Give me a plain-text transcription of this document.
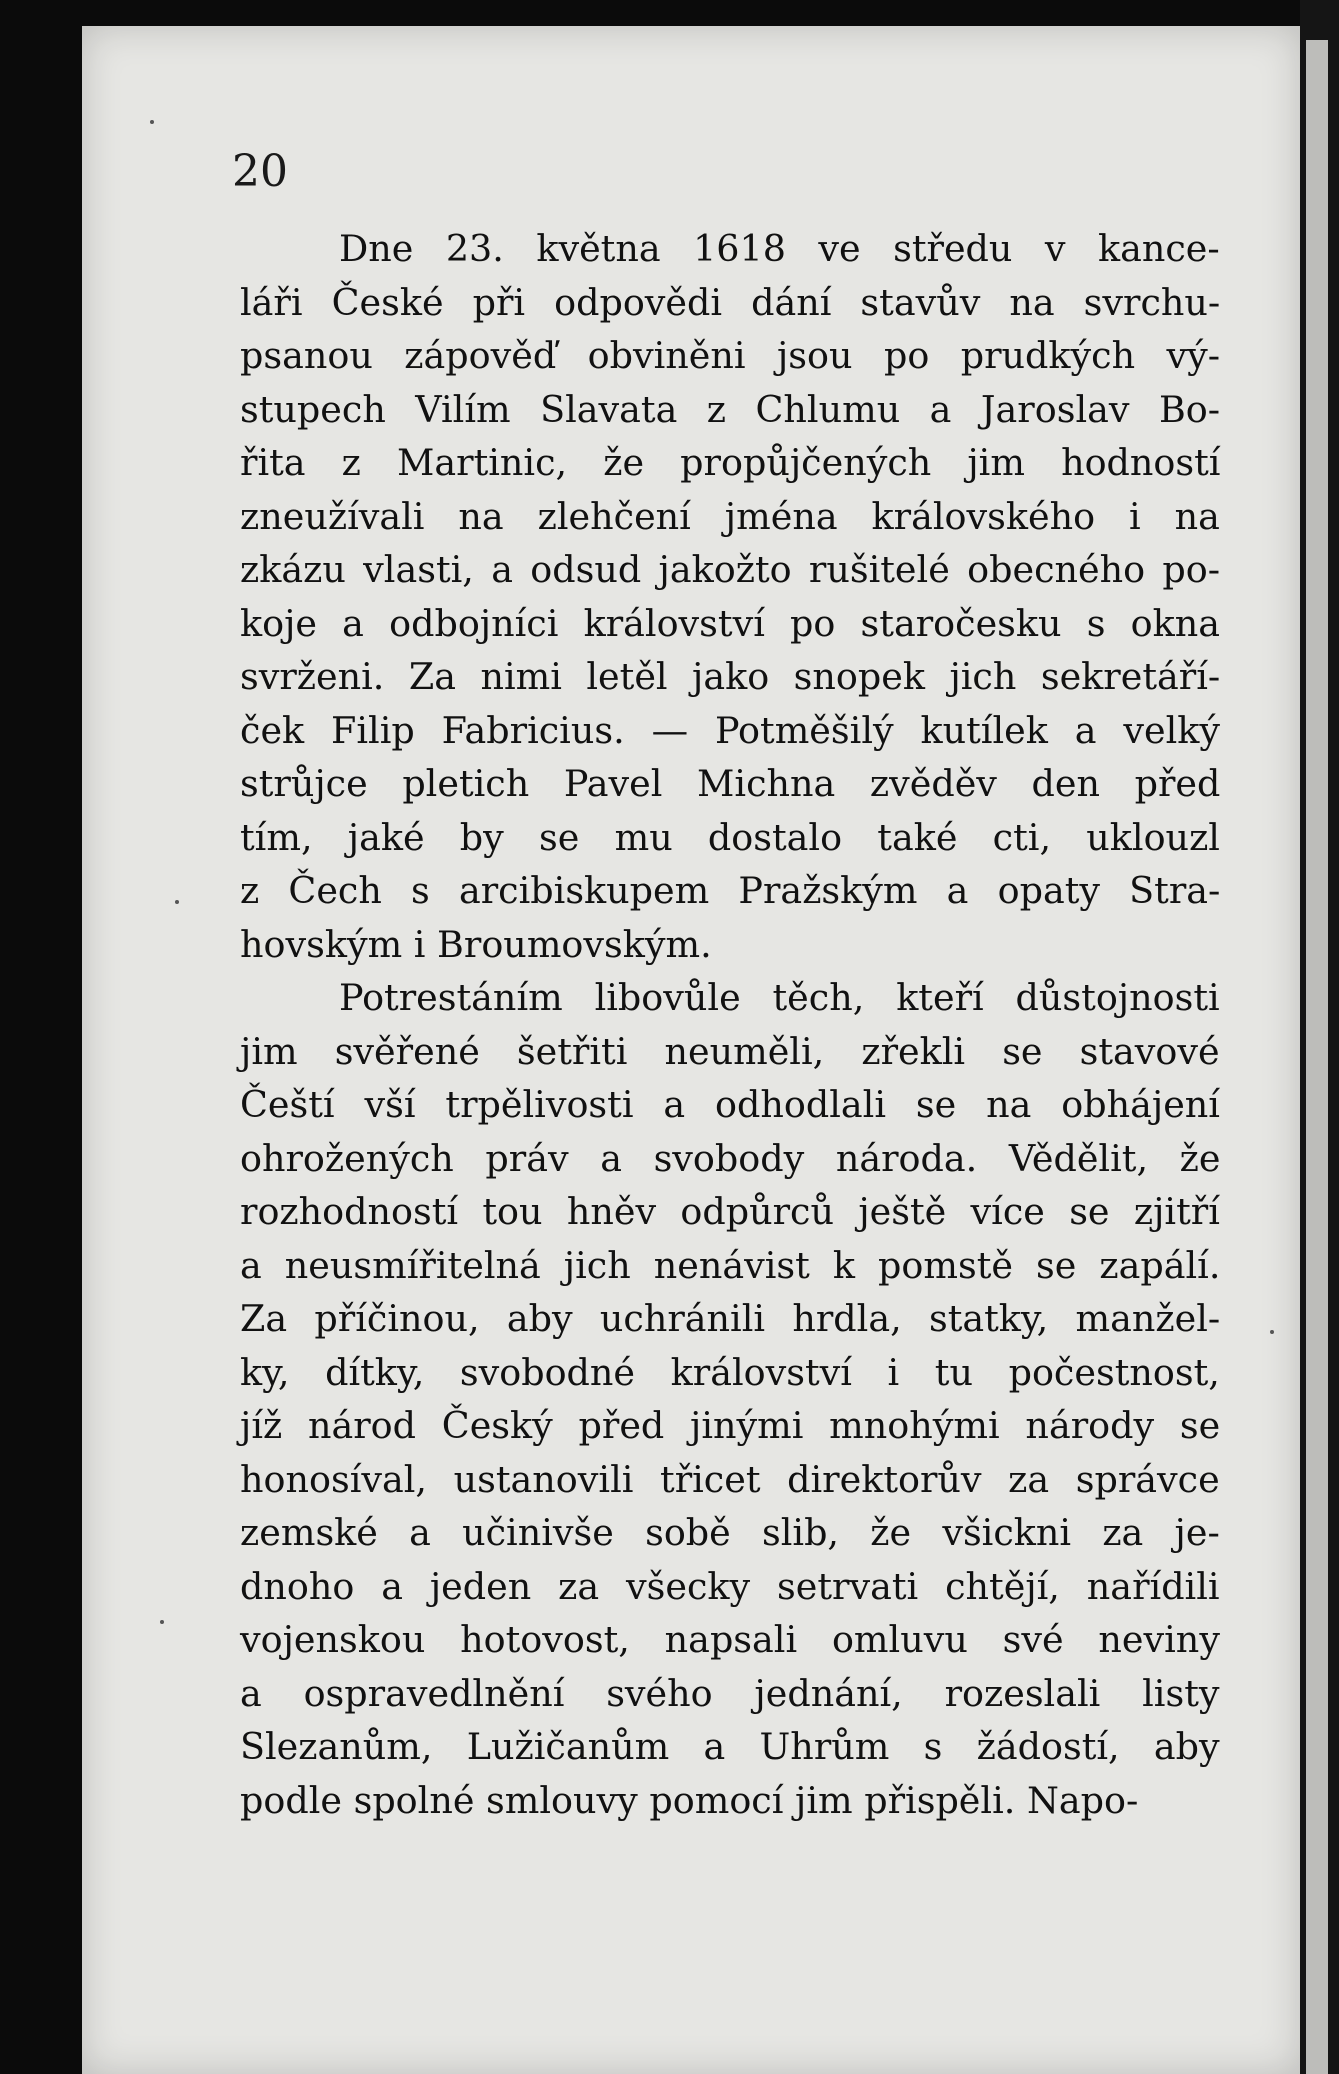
20
Dne 23. května 1618 ve středu v kance-
láři České při odpovědi dání stavův na svrchu-
psanou zápověď obviněni jsou po prudkých vý-
stupech Vilím Slavata z Chlumu a Jaroslav Bo-
řita z Martinic, že propůjčených jim hodností
zneužívali na zlehčení jména královského i na
zkázu vlasti, a odsud jakožto rušitelé obecného po-
koje a odbojníci království po staročesku s okna
svrženi. Za nimi letěl jako snopek jich sekretáří-
ček Filip Fabricius. — Potměšilý kutílek a velký
strůjce pletich Pavel Michna zvěděv den před
tím, jaké by se mu dostalo také cti, uklouzl
z Čech s arcibiskupem Pražským a opaty Stra-
hovským i Broumovským.
Potrestáním libovůle těch, kteří důstojnosti
jim svěřené šetřiti neuměli, zřekli se stavové
Čeští vší trpělivosti a odhodlali se na obhájení
ohrožených práv a svobody národa. Vědělit, že
rozhodností tou hněv odpůrců ještě více se zjitří
a neusmířitelná jich nenávist k pomstě se zapálí.
Za příčinou, aby uchránili hrdla, statky, manžel-
ky, dítky, svobodné království i tu počestnost,
jíž národ Český před jinými mnohými národy se
honosíval, ustanovili třicet direktorův za správce
zemské a učinivše sobě slib, že všickni za je-
dnoho a jeden za všecky setrvati chtějí, nařídili
vojenskou hotovost, napsali omluvu své neviny
a ospravedlnění svého jednání, rozeslali listy
Slezanům, Lužičanům a Uhrům s žádostí, aby
podle spolné smlouvy pomocí jim přispěli. Napo-
